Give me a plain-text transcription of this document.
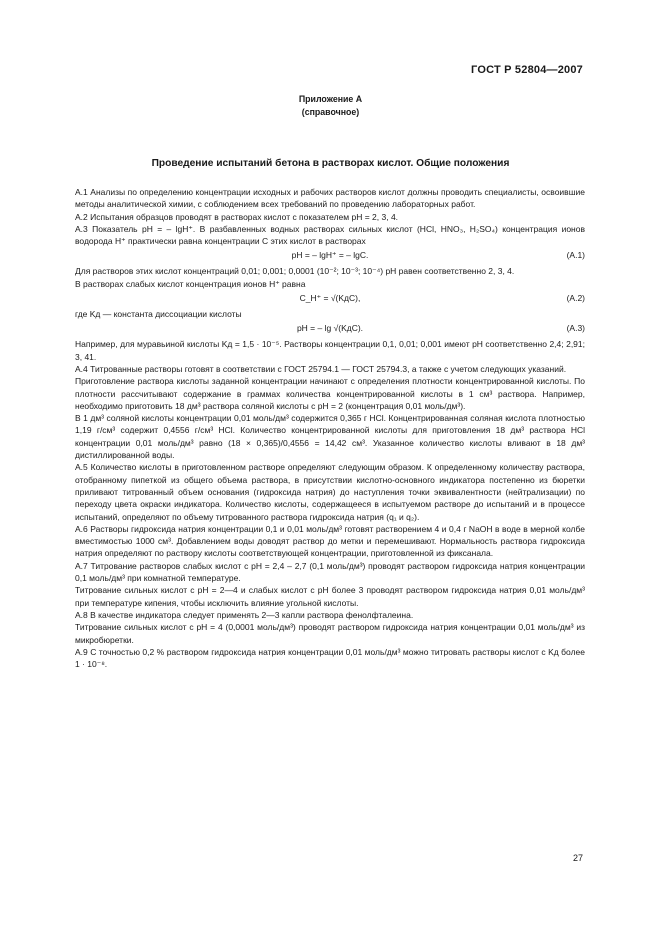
ГОСТ Р 52804—2007
Приложение А
(справочное)
Проведение испытаний бетона в растворах кислот. Общие положения

А.1 Анализы по определению концентрации исходных и рабочих растворов кислот должны проводить специалисты, освоившие методы аналитической химии, с соблюдением всех требований по проведению лабораторных работ.

А.2 Испытания образцов проводят в растворах кислот с показателем pH = 2, 3, 4.

А.3 Показатель pH = – lgH⁺. В разбавленных водных растворах сильных кислот (HCl, HNO₃, H₂SO₄) концентрация ионов водорода H⁺ практически равна концентрации C этих кислот в растворах

pH = – lgH⁺ = – lgC.	(А.1)

Для растворов этих кислот концентраций 0,01; 0,001; 0,0001 (10⁻²; 10⁻³; 10⁻⁴) pH равен соответственно 2, 3, 4.

В растворах слабых кислот концентрация ионов H⁺ равна

C_H⁺ = √(KдC),	(А.2)

где Kд — константа диссоциации кислоты

pH = – lg √(KдC).	(А.3)

Например, для муравьиной кислоты Kд = 1,5 · 10⁻⁵. Растворы концентрации 0,1, 0,01; 0,001 имеют pH соответственно 2,4; 2,91; 3, 41.

А.4 Титрованные растворы готовят в соответствии с ГОСТ 25794.1 — ГОСТ 25794.3, а также с учетом следующих указаний.

Приготовление раствора кислоты заданной концентрации начинают с определения плотности концентрированной кислоты. По плотности рассчитывают содержание в граммах количества концентрированной кислоты в 1 см³ раствора. Например, необходимо приготовить 18 дм³ раствора соляной кислоты с pH = 2 (концентрация 0,01 моль/дм³).

В 1 дм³ соляной кислоты концентрации 0,01 моль/дм³ содержится 0,365 г HCl. Концентрированная соляная кислота плотностью 1,19 г/см³ содержит 0,4556 г/см³ HCl. Количество концентрированной кислоты для приготовления 18 дм³ раствора HCl концентрации 0,01 моль/дм³ равно (18 × 0,365)/0,4556 = 14,42 см³. Указанное количество кислоты вливают в 18 дм³ дистиллированной воды.

А.5 Количество кислоты в приготовленном растворе определяют следующим образом. К определенному количеству раствора, отобранному пипеткой из общего объема раствора, в присутствии кислотно-основного индикатора постепенно из бюретки приливают титрованный объем основания (гидроксида натрия) до наступления точки эквивалентности (нейтрализации) по переходу цвета окраски индикатора. Количество кислоты, содержащееся в испытуемом растворе до испытаний и в процессе испытаний, определяют по объему титрованного раствора гидроксида натрия (q₁ и q₂).

А.6 Растворы гидроксида натрия концентрации 0,1 и 0,01 моль/дм³ готовят растворением 4 и 0,4 г NaOH в воде в мерной колбе вместимостью 1000 см³. Добавлением воды доводят раствор до метки и перемешивают. Нормальность раствора гидроксида натрия определяют по раствору кислоты соответствующей концентрации, приготовленной из фиксанала.

А.7 Титрование растворов слабых кислот с pH = 2,4 – 2,7 (0,1 моль/дм³) проводят раствором гидроксида натрия концентрации 0,1 моль/дм³ при комнатной температуре.

Титрование сильных кислот с pH = 2—4 и слабых кислот с pH более 3 проводят раствором гидроксида натрия 0,01 моль/дм³ при температуре кипения, чтобы исключить влияние угольной кислоты.

А.8 В качестве индикатора следует применять 2—3 капли раствора фенолфталеина.

Титрование сильных кислот с pH = 4 (0,0001 моль/дм³) проводят раствором гидроксида натрия концентрации 0,01 моль/дм³ из микробюретки.

А.9 С точностью 0,2 % раствором гидроксида натрия концентрации 0,01 моль/дм³ можно титровать растворы кислот с Kд более 1 · 10⁻⁸.

27
